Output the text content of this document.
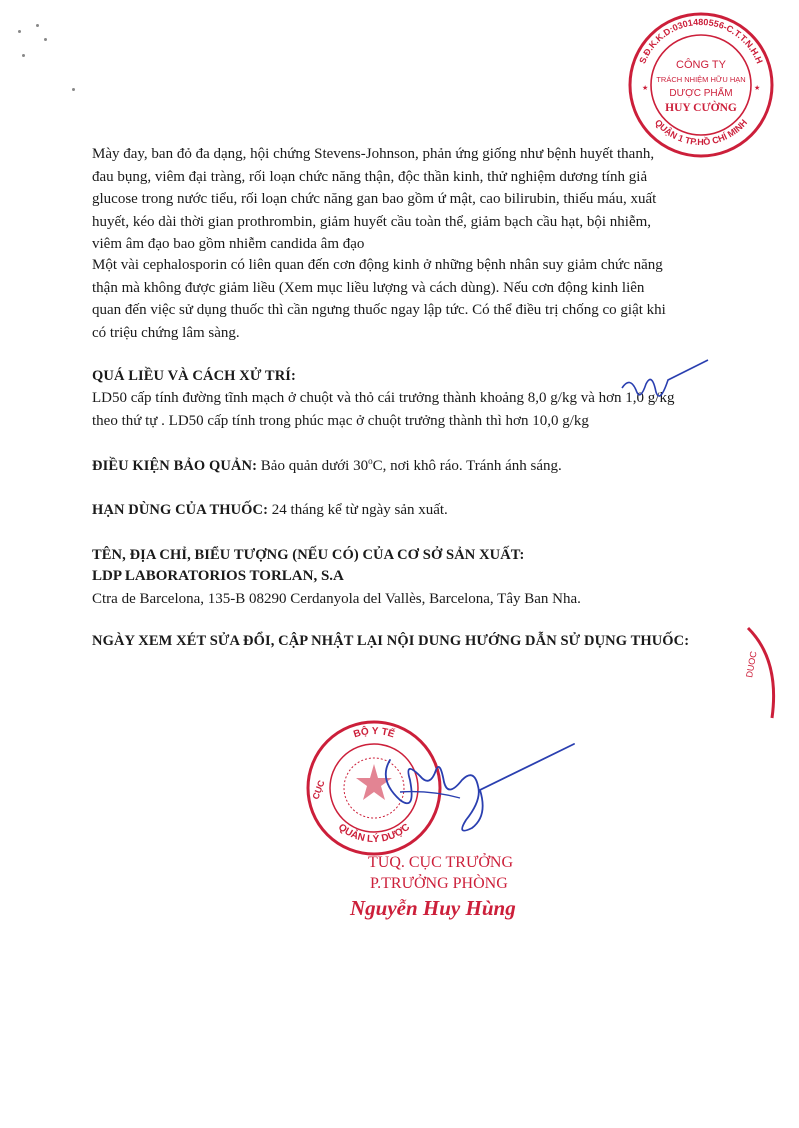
S.Đ.K.K.D:0301480556-C.T.T.N.H.H
QUẬN 1 TP.HỒ CHÍ MINH
CÔNG TY
TRÁCH NHIỆM HỮU HẠN
DƯỢC PHẨM
HUY CƯỜNG
★	★
DUOC
Mày đay, ban đỏ đa dạng, hội chứng Stevens-Johnson, phản ứng giống như bệnh huyết thanh,
đau bụng, viêm đại tràng, rối loạn chức năng thận, độc thần kinh, thử nghiệm dương tính giả
glucose trong nước tiểu, rối loạn chức năng gan bao gồm ứ mật, cao bilirubin, thiếu máu, xuất
huyết, kéo dài thời gian prothrombin, giảm huyết cầu toàn thể, giảm bạch cầu hạt, bội nhiễm,
viêm âm đạo bao gồm nhiễm candida âm đạo
Một vài cephalosporin có liên quan đến cơn động kinh ở những bệnh nhân suy giảm chức năng
thận mà không được giảm liều (Xem mục liều lượng và cách dùng). Nếu cơn động kinh liên
quan đến việc sử dụng thuốc thì cần ngưng thuốc ngay lập tức. Có thể điều trị chống co giật khi
có triệu chứng lâm sàng.
QUÁ LIỀU VÀ CÁCH XỬ TRÍ:
LD50 cấp tính đường tĩnh mạch ở chuột và thỏ cái trưởng thành khoảng 8,0 g/kg và hơn 1,0 g/kg
theo thứ tự . LD50 cấp tính trong phúc mạc ở chuột trưởng thành thì hơn 10,0 g/kg
ĐIỀU KIỆN BẢO QUẢN: Bảo quản dưới 30$^o$C, nơi khô ráo. Tránh ánh sáng.
HẠN DÙNG CỦA THUỐC: 24 tháng kể từ ngày sản xuất.
TÊN, ĐỊA CHỈ, BIỂU TƯỢNG (NẾU CÓ) CỦA CƠ SỞ SẢN XUẤT:
LDP LABORATORIOS TORLAN, S.A
Ctra de Barcelona, 135-B 08290 Cerdanyola del Vallès, Barcelona, Tây Ban Nha.
NGÀY XEM XÉT SỬA ĐỔI, CẬP NHẬT LẠI NỘI DUNG HƯỚNG DẪN SỬ DỤNG THUỐC:
BỘ Y TẾ
CỤC
QUẢN LÝ DƯỢC
TUQ. CỤC TRƯỞNG
P.TRƯỞNG PHÒNG
Nguyễn Huy Hùng
